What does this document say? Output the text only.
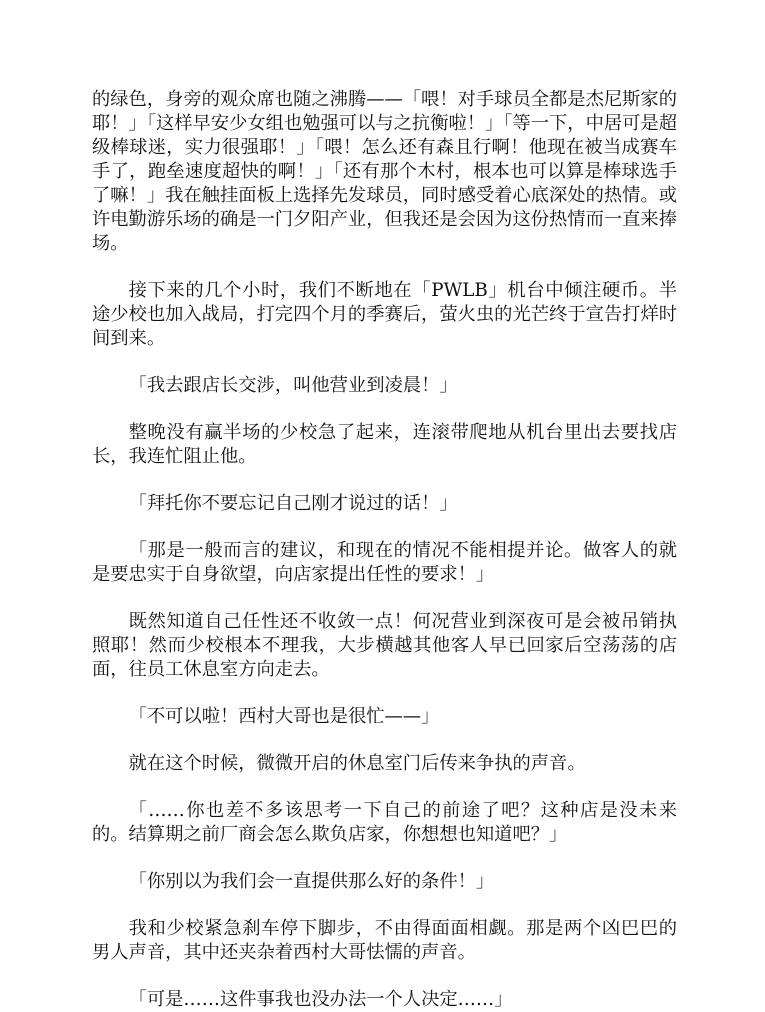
的绿色，身旁的观众席也随之沸腾——「喂！对手球员全都是杰尼斯家的耶！」「这样早安少女组也勉强可以与之抗衡啦！」「等一下，中居可是超级棒球迷，实力很强耶！」「喂！怎么还有森且行啊！他现在被当成赛车手了，跑垒速度超快的啊！」「还有那个木村，根本也可以算是棒球选手了嘛！」我在触挂面板上选择先发球员，同时感受着心底深处的热情。或许电勤游乐场的确是一门夕阳产业，但我还是会因为这份热情而一直来捧场。

接下来的几个小时，我们不断地在「PWLB」机台中倾注硬币。半途少校也加入战局，打完四个月的季赛后，萤火虫的光芒终于宣告打烊时间到来。

「我去跟店长交涉，叫他营业到凌晨！」

整晚没有赢半场的少校急了起来，连滚带爬地从机台里出去要找店长，我连忙阻止他。

「拜托你不要忘记自己刚才说过的话！」

「那是一般而言的建议，和现在的情况不能相提并论。做客人的就是要忠实于自身欲望，向店家提出任性的要求！」

既然知道自己任性还不收敛一点！何况营业到深夜可是会被吊销执照耶！然而少校根本不理我，大步横越其他客人早已回家后空荡荡的店面，往员工休息室方向走去。

「不可以啦！西村大哥也是很忙——」

就在这个时候，微微开启的休息室门后传来争执的声音。

「……你也差不多该思考一下自己的前途了吧？这种店是没未来的。结算期之前厂商会怎么欺负店家，你想想也知道吧？」

「你别以为我们会一直提供那么好的条件！」

我和少校紧急刹车停下脚步，不由得面面相觑。那是两个凶巴巴的男人声音，其中还夹杂着西村大哥怯懦的声音。

「可是……这件事我也没办法一个人决定……」
